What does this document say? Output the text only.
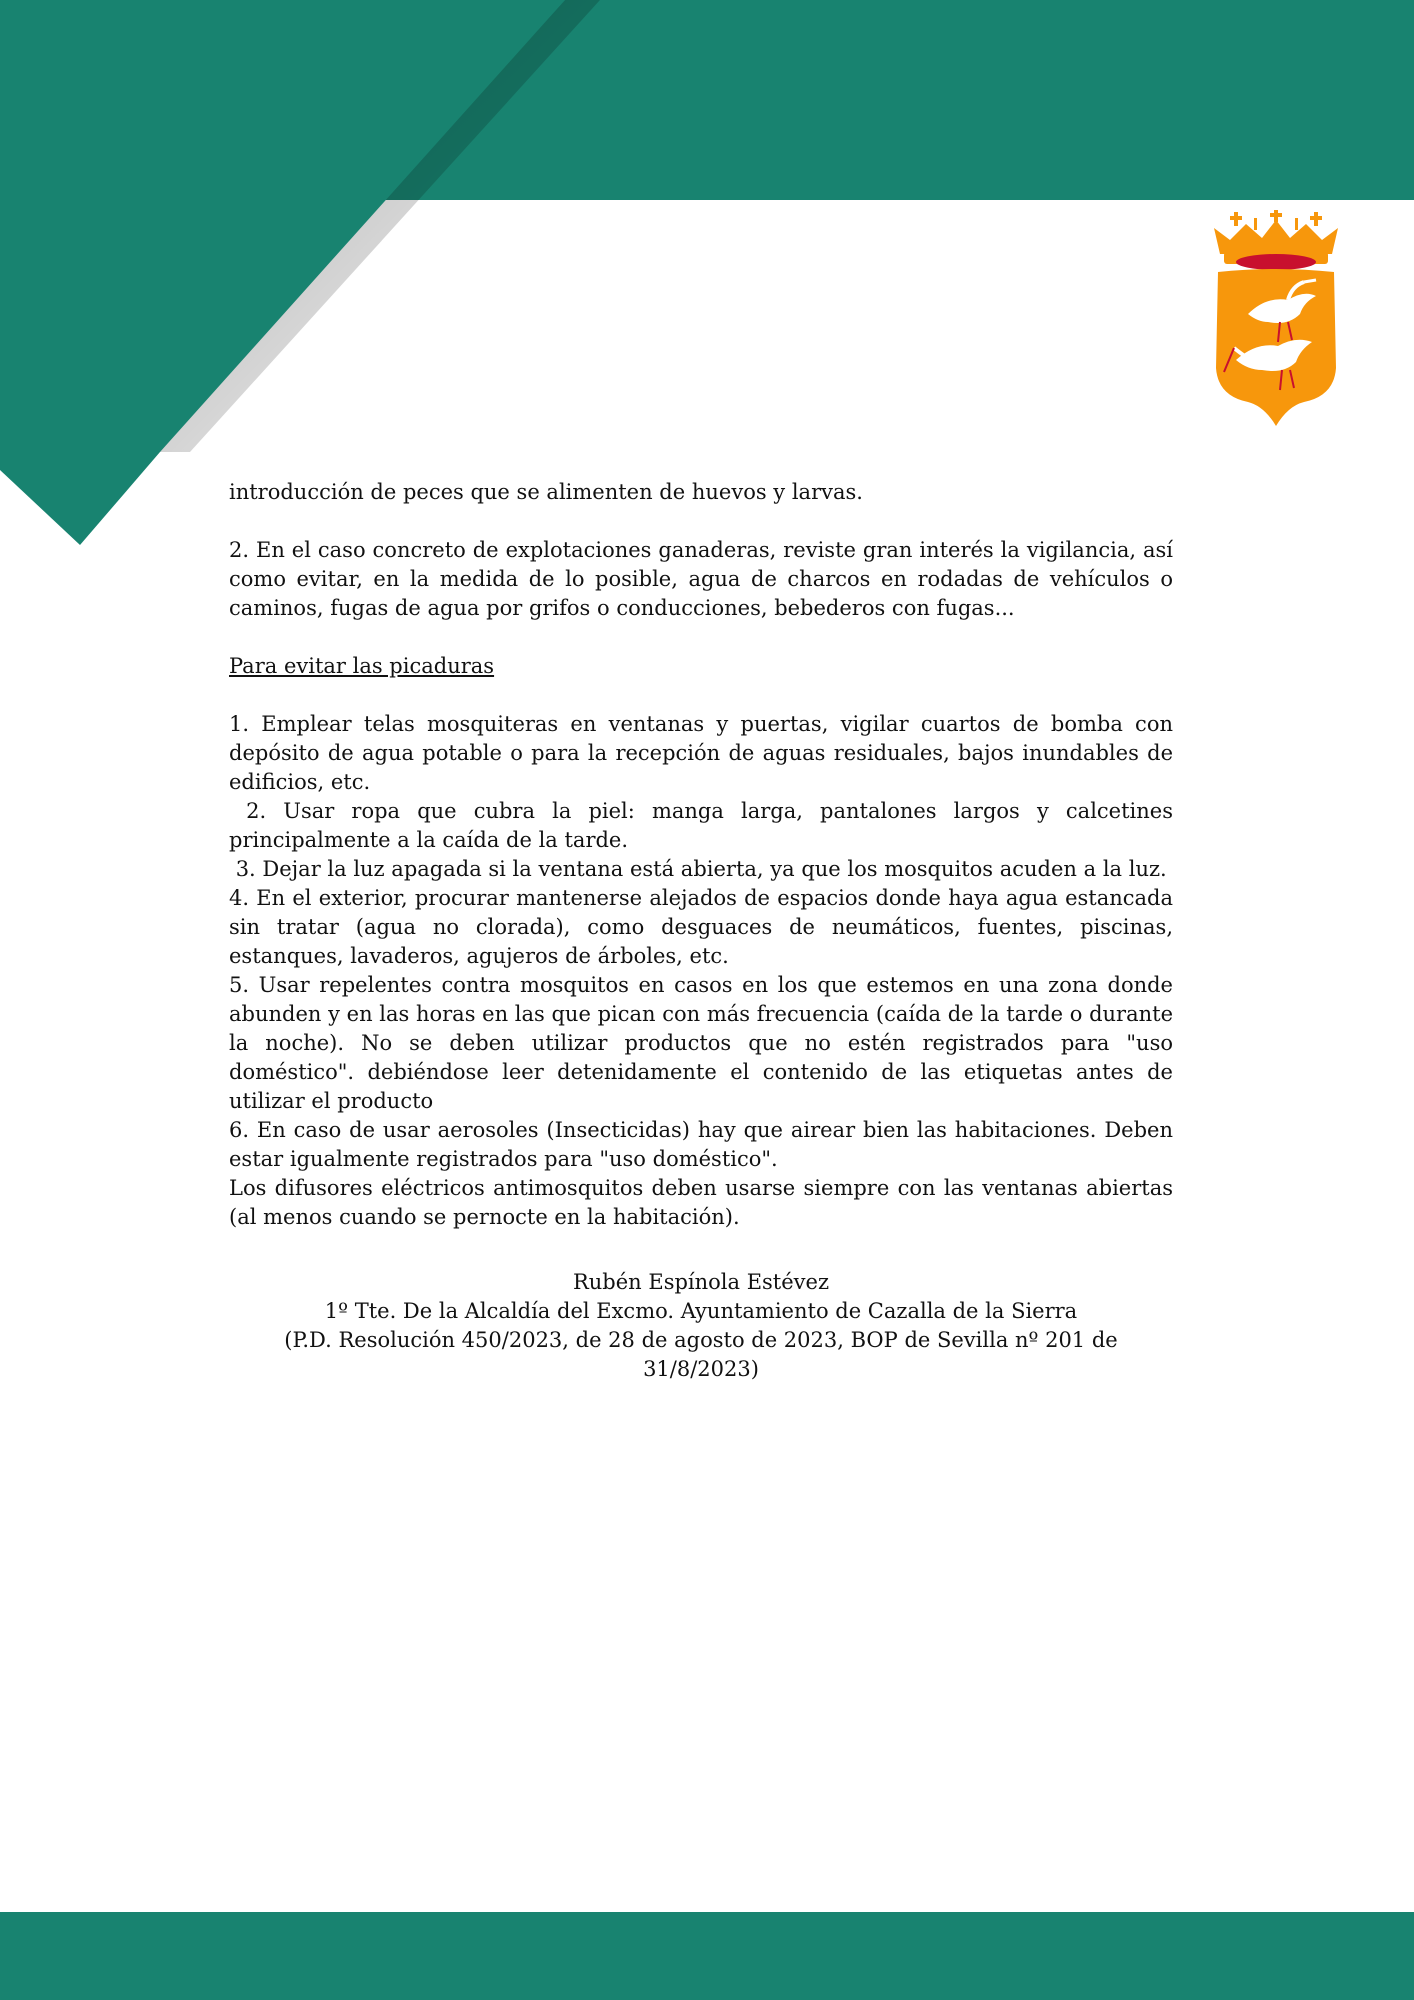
introducción de peces que se alimenten de huevos y larvas.

2. En el caso concreto de explotaciones ganaderas, reviste gran interés la vigilancia, así como evitar, en la medida de lo posible, agua de charcos en rodadas de vehículos o caminos, fugas de agua por grifos o conducciones, bebederos con fugas...

Para evitar las picaduras

1. Emplear telas mosquiteras en ventanas y puertas, vigilar cuartos de bomba con depósito de agua potable o para la recepción de aguas residuales, bajos inundables de edificios, etc.

2. Usar ropa que cubra la piel: manga larga, pantalones largos y calcetines principalmente a la caída de la tarde.

3. Dejar la luz apagada si la ventana está abierta, ya que los mosquitos acuden a la luz.

4. En el exterior, procurar mantenerse alejados de espacios donde haya agua estancada sin tratar (agua no clorada), como desguaces de neumáticos, fuentes, piscinas, estanques, lavaderos, agujeros de árboles, etc.

5. Usar repelentes contra mosquitos en casos en los que estemos en una zona donde abunden y en las horas en las que pican con más frecuencia (caída de la tarde o durante la noche). No se deben utilizar productos que no estén registrados para "uso doméstico". debiéndose leer detenidamente el contenido de las etiquetas antes de utilizar el producto

6. En caso de usar aerosoles (Insecticidas) hay que airear bien las habitaciones. Deben estar igualmente registrados para "uso doméstico".

Los difusores eléctricos antimosquitos deben usarse siempre con las ventanas abiertas (al menos cuando se pernocte en la habitación).

Rubén Espínola Estévez
1º Tte. De la Alcaldía del Excmo. Ayuntamiento de Cazalla de la Sierra
(P.D. Resolución 450/2023, de 28 de agosto de 2023, BOP de Sevilla nº 201 de 31/8/2023)
